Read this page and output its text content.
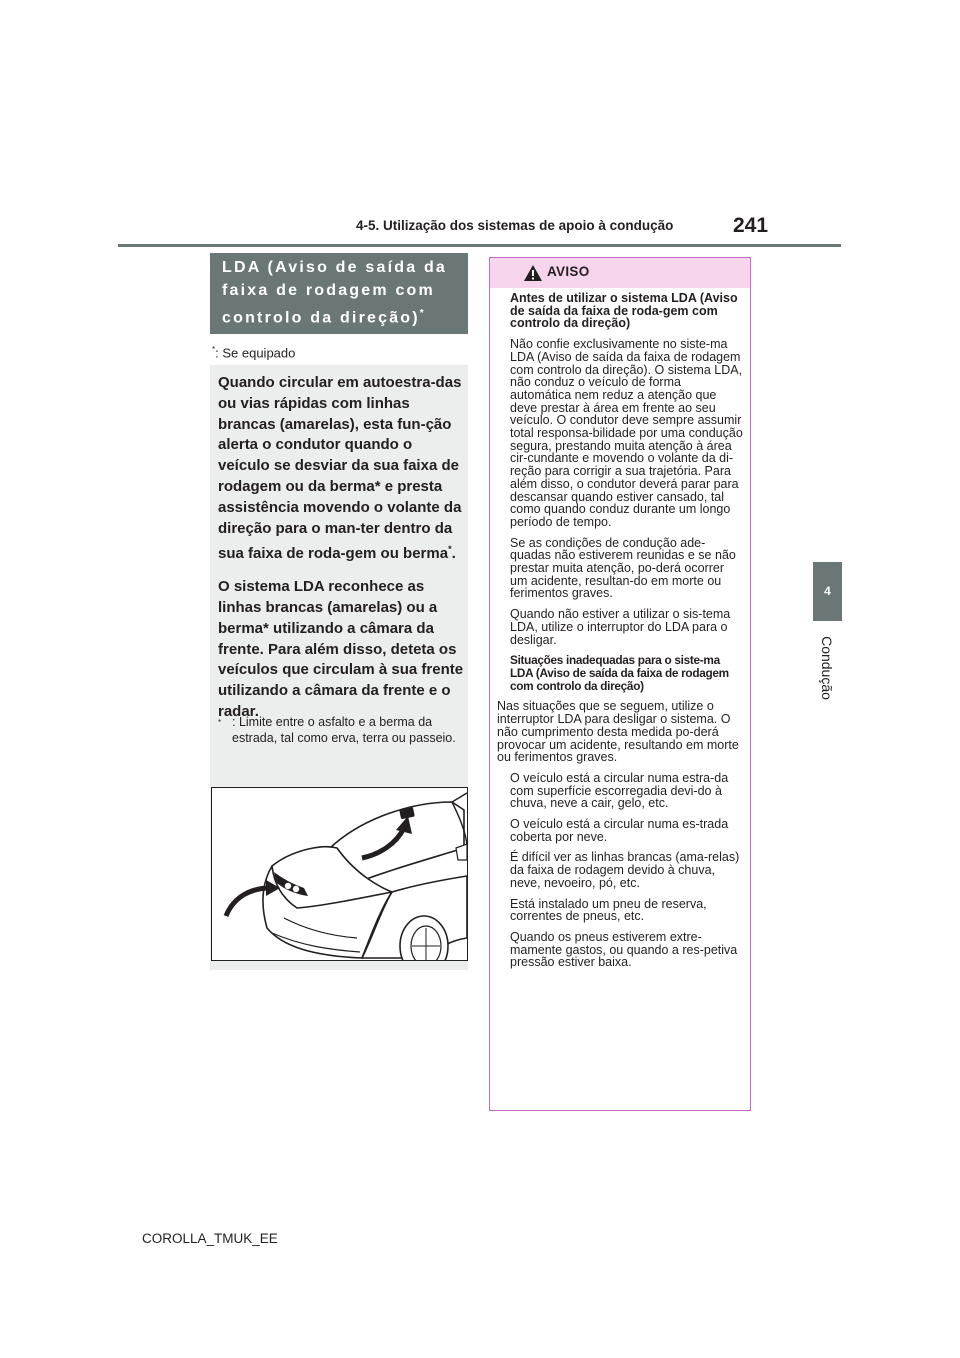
4-5. Utilização dos sistemas de apoio à condução	241
4
Condução
LDA (Aviso de saída da
faixa de rodagem com
controlo da direção)*
*: Se equipado

Quando circular em autoestra-das ou vias rápidas com linhas brancas (amarelas), esta fun-ção alerta o condutor quando o veículo se desviar da sua faixa de rodagem ou da berma* e presta assistência movendo o volante da direção para o man-ter dentro da sua faixa de roda-gem ou berma*.

O sistema LDA reconhece as linhas brancas (amarelas) ou a berma* utilizando a câmara da frente. Para além disso, deteta os veículos que circulam à sua frente utilizando a câmara da frente e o radar.

* : Limite entre o asfalto e a berma da estrada, tal como erva, terra ou passeio.
AVISO

Antes de utilizar o sistema LDA (Aviso de saída da faixa de roda-gem com controlo da direção)

Não confie exclusivamente no siste-ma LDA (Aviso de saída da faixa de rodagem com controlo da direção). O sistema LDA, não conduz o veículo de forma automática nem reduz a atenção que deve prestar à área em frente ao seu veículo. O condutor deve sempre assumir total responsa-bilidade por uma condução segura, prestando muita atenção à área cir-cundante e movendo o volante da di-reção para corrigir a sua trajetória. Para além disso, o condutor deverá parar para descansar quando estiver cansado, tal como quando conduz durante um longo período de tempo.

Se as condições de condução ade-quadas não estiverem reunidas e se não prestar muita atenção, po-derá ocorrer um acidente, resultan-do em morte ou ferimentos graves.

Quando não estiver a utilizar o sis-tema LDA, utilize o interruptor do LDA para o desligar.

Situações inadequadas para o siste-ma LDA (Aviso de saída da faixa de rodagem com controlo da direção)

Nas situações que se seguem, utilize o interruptor LDA para desligar o sistema. O não cumprimento desta medida po-derá provocar um acidente, resultando em morte ou ferimentos graves.

O veículo está a circular numa estra-da com superfície escorregadia devi-do à chuva, neve a cair, gelo, etc.

O veículo está a circular numa es-trada coberta por neve.

É difícil ver as linhas brancas (ama-relas) da faixa de rodagem devido à chuva, neve, nevoeiro, pó, etc.

Está instalado um pneu de reserva, correntes de pneus, etc.

Quando os pneus estiverem extre-mamente gastos, ou quando a res-petiva pressão estiver baixa.

COROLLA_TMUK_EE
